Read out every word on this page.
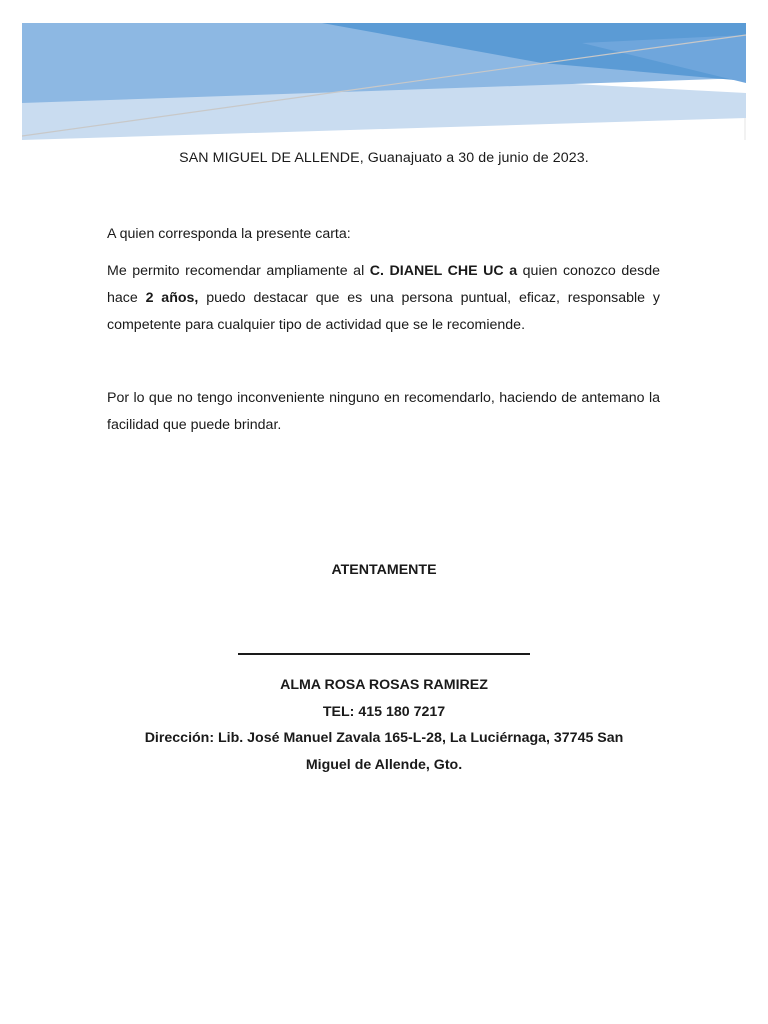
SAN MIGUEL DE ALLENDE, Guanajuato a 30 de junio de 2023.

A quien corresponda la presente carta:

Me permito recomendar ampliamente al C. DIANEL CHE UC a quien conozco desde hace 2 años, puedo destacar que es una persona puntual, eficaz, responsable y competente para cualquier tipo de actividad que se le recomiende.

Por lo que no tengo inconveniente ninguno en recomendarlo, haciendo de antemano la facilidad que puede brindar.

ATENTAMENTE
ALMA ROSA ROSAS RAMIREZ
TEL: 415 180 7217
Dirección: Lib. José Manuel Zavala 165-L-28, La Luciérnaga, 37745 San
Miguel de Allende, Gto.
